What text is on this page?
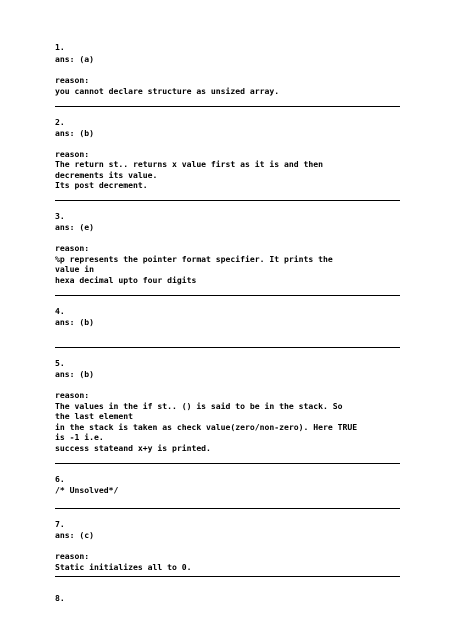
1.
ans: (a)
reason:
you cannot declare structure as unsized array.
2.
ans: (b)
reason:
The return st.. returns x value first as it is and then
decrements its value.
Its post decrement.
3.
ans: (e)
reason:
%p represents the pointer format specifier. It prints the
value in
hexa decimal upto four digits
4.
ans: (b)
5.
ans: (b)
reason:
The values in the if st.. () is said to be in the stack. So
the last element
in the stack is taken as check value(zero/non-zero). Here TRUE
is -1 i.e.
success stateand x+y is printed.
6.
/* Unsolved*/
7.
ans: (c)
reason:
Static initializes all to 0.
8.
